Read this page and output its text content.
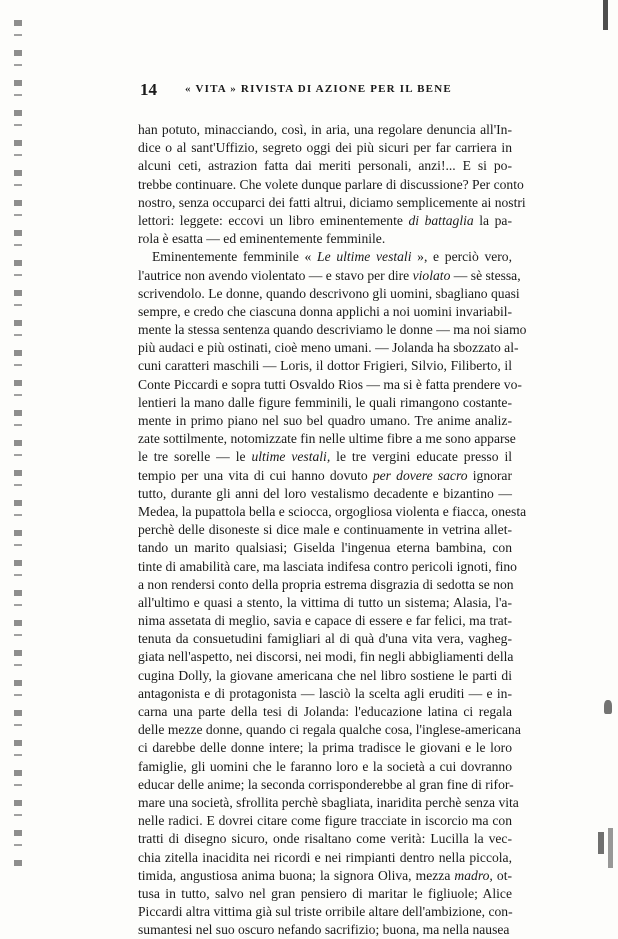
14	« VITA » RIVISTA DI AZIONE PER IL BENE
han potuto, minacciando, così, in aria, una regolare denuncia all'In-
dice o al sant'Uffizio, segreto oggi dei più sicuri per far carriera in
alcuni ceti, astrazion fatta dai meriti personali, anzi!... E si po-
trebbe continuare. Che volete dunque parlare di discussione? Per conto
nostro, senza occuparci dei fatti altrui, diciamo semplicemente ai nostri
lettori: leggete: eccovi un libro eminentemente di battaglia la pa-
rola è esatta — ed eminentemente femminile.
Eminentemente femminile « Le ultime vestali », e perciò vero,
l'autrice non avendo violentato — e stavo per dire violato — sè stessa,
scrivendolo. Le donne, quando descrivono gli uomini, sbagliano quasi
sempre, e credo che ciascuna donna applichi a noi uomini invariabil-
mente la stessa sentenza quando descriviamo le donne — ma noi siamo
più audaci e più ostinati, cioè meno umani. — Jolanda ha sbozzato al-
cuni caratteri maschili — Loris, il dottor Frigieri, Silvio, Filiberto, il
Conte Piccardi e sopra tutti Osvaldo Rios — ma si è fatta prendere vo-
lentieri la mano dalle figure femminili, le quali rimangono costante-
mente in primo piano nel suo bel quadro umano. Tre anime analiz-
zate sottilmente, notomizzate fin nelle ultime fibre a me sono apparse
le tre sorelle — le ultime vestali, le tre vergini educate presso il
tempio per una vita di cui hanno dovuto per dovere sacro ignorar
tutto, durante gli anni del loro vestalismo decadente e bizantino —
Medea, la pupattola bella e sciocca, orgogliosa violenta e fiacca, onesta
perchè delle disoneste si dice male e continuamente in vetrina allet-
tando un marito qualsiasi; Giselda l'ingenua eterna bambina, con
tinte di amabilità care, ma lasciata indifesa contro pericoli ignoti, fino
a non rendersi conto della propria estrema disgrazia di sedotta se non
all'ultimo e quasi a stento, la vittima di tutto un sistema; Alasia, l'a-
nima assetata di meglio, savia e capace di essere e far felici, ma trat-
tenuta da consuetudini famigliari al di quà d'una vita vera, vagheg-
giata nell'aspetto, nei discorsi, nei modi, fin negli abbigliamenti della
cugina Dolly, la giovane americana che nel libro sostiene le parti di
antagonista e di protagonista — lasciò la scelta agli eruditi — e in-
carna una parte della tesi di Jolanda: l'educazione latina ci regala
delle mezze donne, quando ci regala qualche cosa, l'inglese-americana
ci darebbe delle donne intere; la prima tradisce le giovani e le loro
famiglie, gli uomini che le faranno loro e la società a cui dovranno
educar delle anime; la seconda corrisponderebbe al gran fine di rifor-
mare una società, sfrollita perchè sbagliata, inaridita perchè senza vita
nelle radici. E dovrei citare come figure tracciate in iscorcio ma con
tratti di disegno sicuro, onde risaltano come verità: Lucilla la vec-
chia zitella inacidita nei ricordi e nei rimpianti dentro nella piccola,
timida, angustiosa anima buona; la signora Oliva, mezza madro, ot-
tusa in tutto, salvo nel gran pensiero di maritar le figliuole; Alice
Piccardi altra vittima già sul triste orribile altare dell'ambizione, con-
sumantesi nel suo oscuro nefando sacrifizio; buona, ma nella nausea
